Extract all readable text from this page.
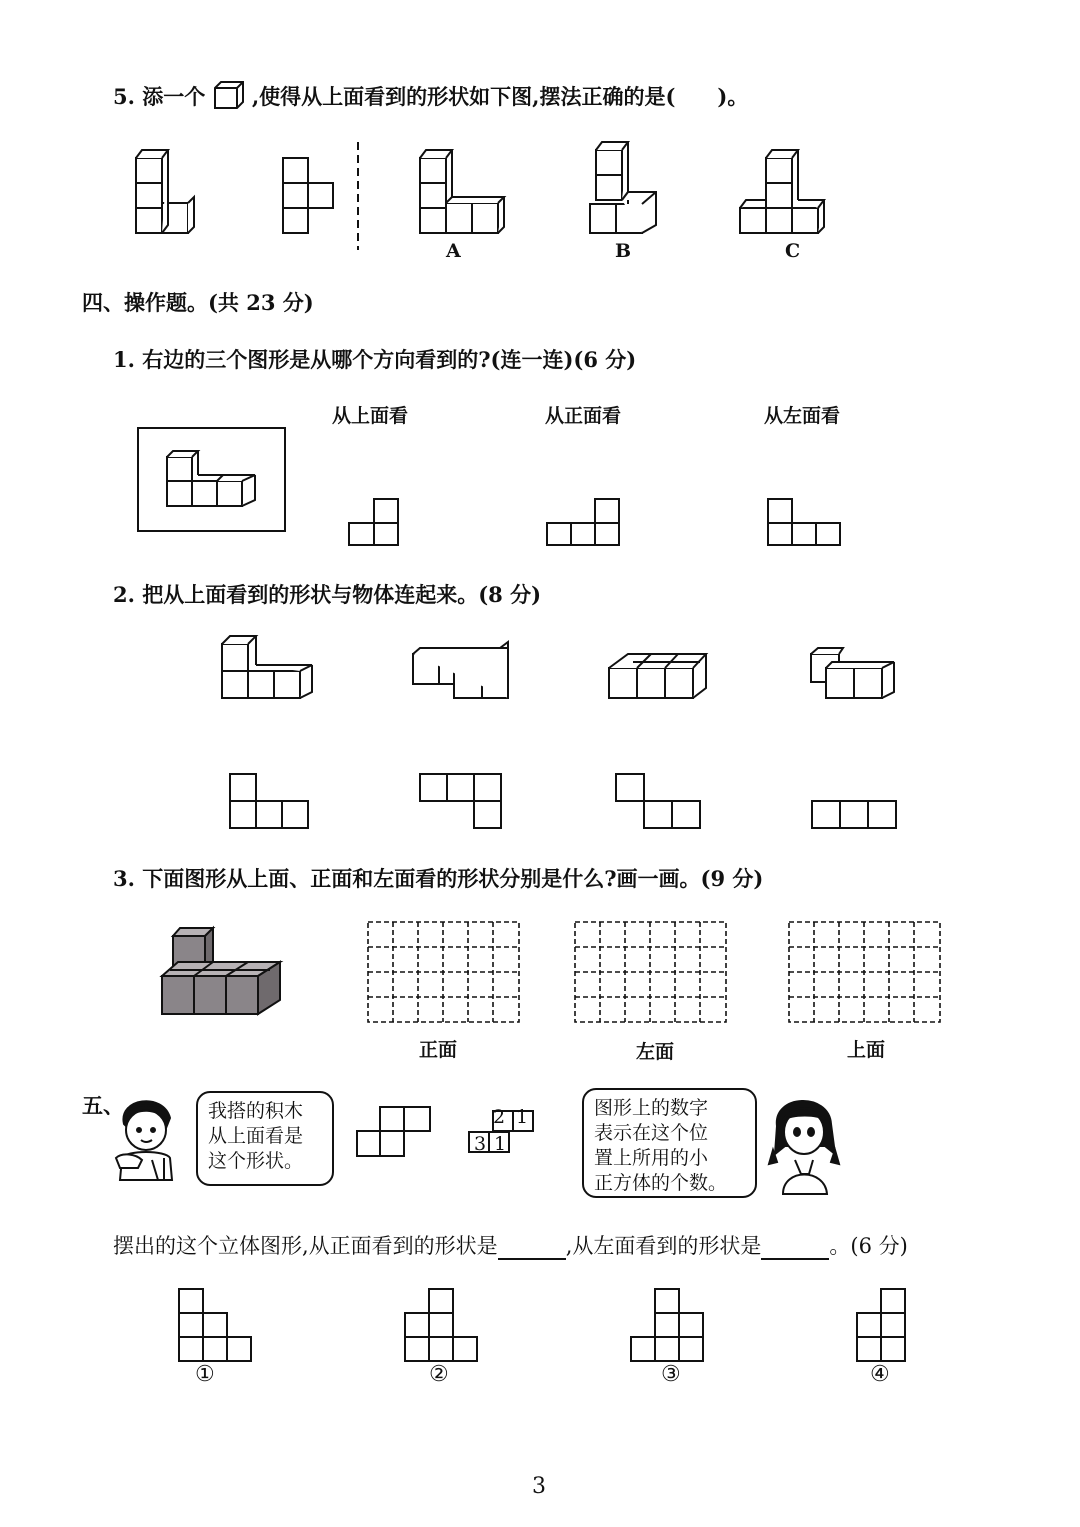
5. 添一个 ,使得从上面看到的形状如下图,摆法正确的是(　　)。
A	B	C
四、操作题。(共 23 分)
1. 右边的三个图形是从哪个方向看到的?(连一连)(6 分)
从上面看	从正面看	从左面看
2. 把从上面看到的形状与物体连起来。(8 分)
3. 下面图形从上面、正面和左面看的形状分别是什么?画一画。(9 分)
正面	左面	上面
五、	我搭的积木
从上面看是
这个形状。
2 1
3 1
图形上的数字
表示在这个位
置上所用的小
正方体的个数。
摆出的这个立体图形,从正面看到的形状是	,从左面看到的形状是	。(6 分)
①	②	③	④
3
